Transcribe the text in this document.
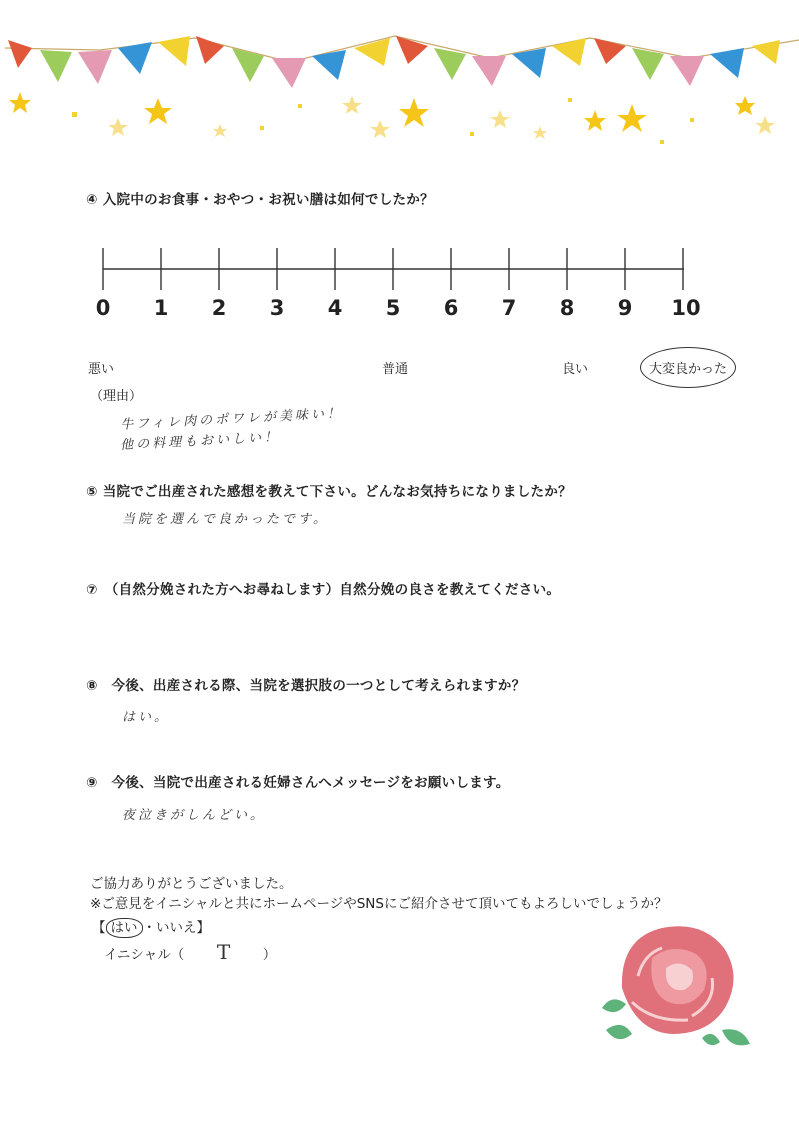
④ 入院中のお食事・おやつ・お祝い膳は如何でしたか？
0	1	2	3	4	5	6	7	8	9	10
悪い	普通	良い	大変良かった
（理由）
牛フィレ肉のポワレが美味い！
他の料理もおいしい！
⑤ 当院でご出産された感想を教えて下さい。どんなお気持ちになりましたか？
当院を選んで良かったです。
⑦　（自然分娩された方へお尋ねします）自然分娩の良さを教えてください。
⑧　今後、出産される際、当院を選択肢の一つとして考えられますか？
はい。
⑨　今後、当院で出産される妊婦さんへメッセージをお願いします。
夜泣きがしんどい。
ご協力ありがとうございました。
※ご意見をイニシャルと共にホームページやSNSにご紹介させて頂いてもよろしいでしょうか？
【 はい ・いいえ】
イニシャル（ T ）
